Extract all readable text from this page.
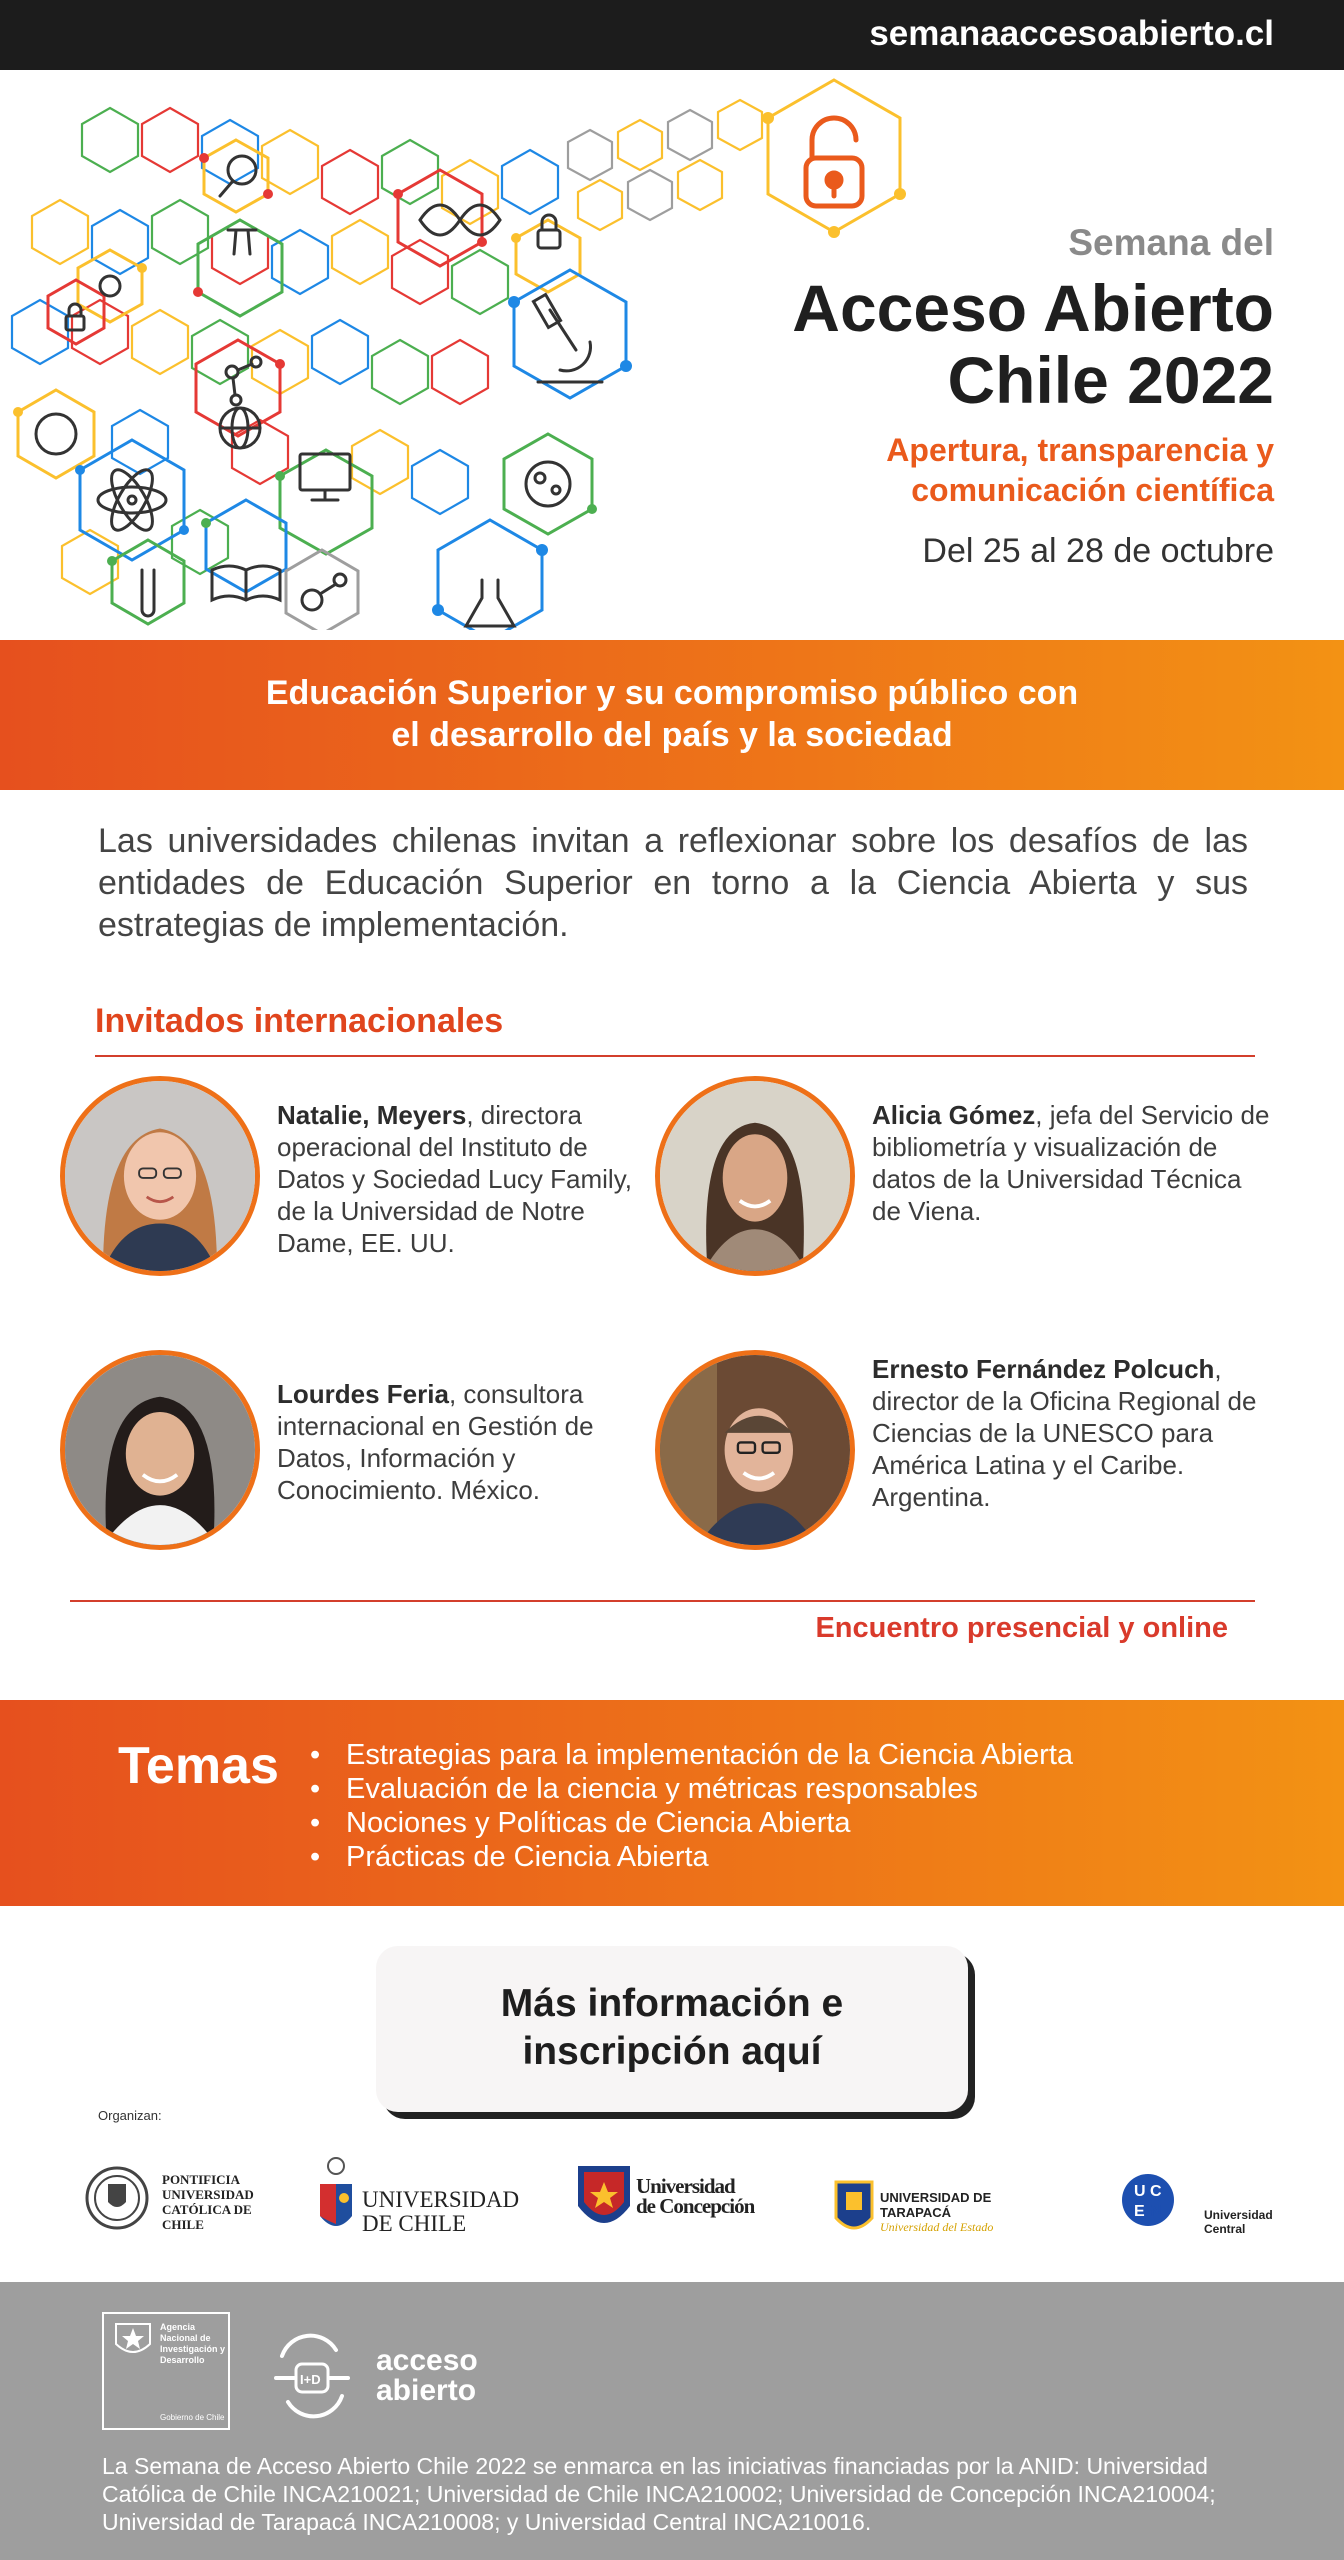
semanaaccesoabierto.cl
Semana del
Acceso Abierto
Chile 2022
Apertura, transparencia y
comunicación científica
Del 25 al 28 de octubre
Educación Superior y su compromiso público con
el desarrollo del país y la sociedad

Las universidades chilenas invitan a reflexionar sobre los desafíos de las entidades de Educación Superior en torno a la Ciencia Abierta y sus estrategias de implementación.

Invitados internacionales
Natalie, Meyers, directora operacional del Instituto de Datos y Sociedad Lucy Family, de la Universidad de Notre Dame, EE. UU.
Alicia Gómez, jefa del Servicio de bibliometría y visualización de datos de la Universidad Técnica de Viena.
Lourdes Feria, consultora internacional en Gestión de Datos, Información y Conocimiento. México.
Ernesto Fernández Polcuch, director de la Oficina Regional de Ciencias de la UNESCO para América Latina y el Caribe. Argentina.
Encuentro presencial y online
Temas • Estrategias para la implementación de la Ciencia Abierta
• Evaluación de la ciencia y métricas responsables
• Nociones y Políticas de Ciencia Abierta
• Prácticas de Ciencia Abierta
Más información e
inscripción aquí
Organizan:
PONTIFICIA UNIVERSIDAD CATÓLICA DE CHILE
UNIVERSIDAD
DE CHILE
Universidad
de Concepción	UNIVERSIDAD DE TARAPACÁ
Universidad del Estado
U C
E N	Universidad
Central
Agencia Nacional de Investigación y Desarrollo
Gobierno de Chile
I+D
acceso
abierto

La Semana de Acceso Abierto Chile 2022 se enmarca en las iniciativas financiadas por la ANID: Universidad Católica de Chile INCA210021; Universidad de Chile INCA210002; Universidad de Concepción INCA210004; Universidad de Tarapacá INCA210008; y Universidad Central INCA210016.
